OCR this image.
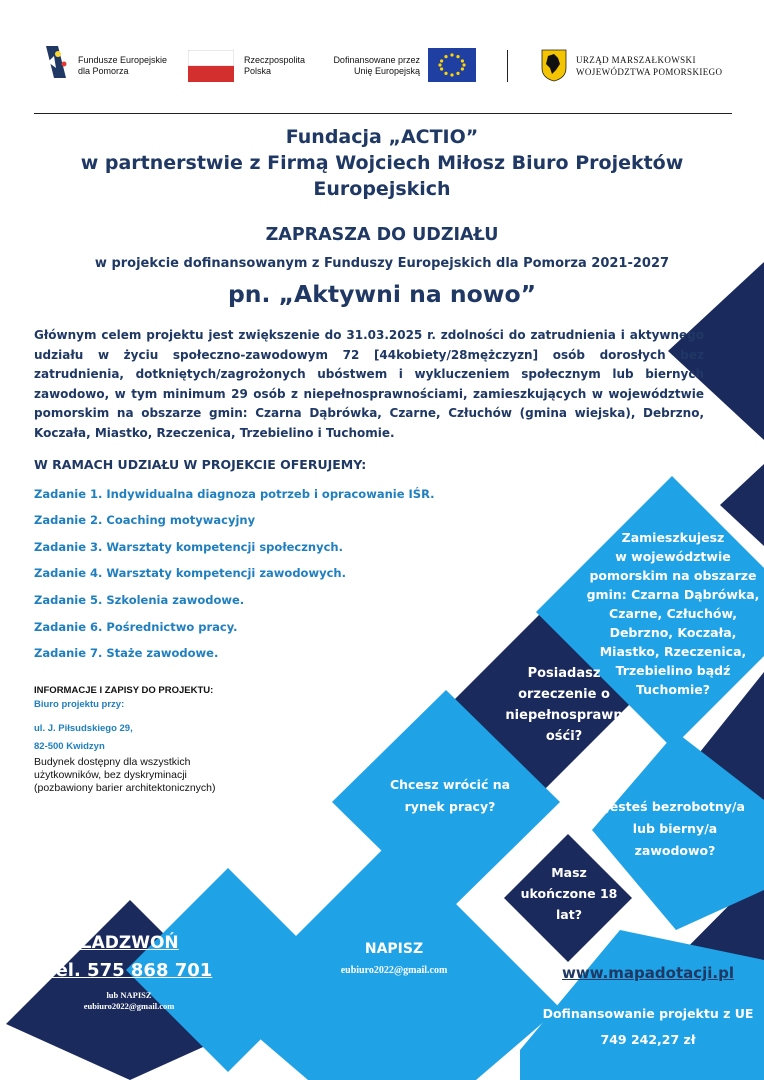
Fundusze Europejskie
dla Pomorza
Rzeczpospolita
Polska
Dofinansowane przez
Unię Europejską
URZĄD MARSZAŁKOWSKI
WOJEWÓDZTWA POMORSKIEGO
Fundacja „ACTIO”
w partnerstwie z Firmą Wojciech Miłosz Biuro Projektów
Europejskich
ZAPRASZA DO UDZIAŁU
w projekcie dofinansowanym z Funduszy Europejskich dla Pomorza 2021-2027
pn. „Aktywni na nowo”
Głównym celem projektu jest zwiększenie do 31.03.2025 r. zdolności do zatrudnienia i aktywnego udziału w życiu społeczno-zawodowym 72 [44kobiety/28mężczyzn] osób dorosłych bez zatrudnienia, dotkniętych/zagrożonych ubóstwem i wykluczeniem społecznym lub biernych zawodowo, w tym minimum 29 osób z niepełnosprawnościami, zamieszkujących w województwie pomorskim na obszarze gmin: Czarna Dąbrówka, Czarne, Człuchów (gmina wiejska), Debrzno, Koczała, Miastko, Rzeczenica, Trzebielino i Tuchomie.
W RAMACH UDZIAŁU W PROJEKCIE OFERUJEMY:
Zadanie 1. Indywidualna diagnoza potrzeb i opracowanie IŚR.
Zadanie 2. Coaching motywacyjny
Zadanie 3. Warsztaty kompetencji społecznych.
Zadanie 4. Warsztaty kompetencji zawodowych.
Zadanie 5. Szkolenia zawodowe.
Zadanie 6. Pośrednictwo pracy.
Zadanie 7. Staże zawodowe.
INFORMACJE I ZAPISY DO PROJEKTU:
Biuro projektu przy:
ul. J. Piłsudskiego 29,
82-500 Kwidzyn
Budynek dostępny dla wszystkich
użytkowników, bez dyskryminacji
(pozbawiony barier architektonicznych)
Zamieszkujesz
w województwie
pomorskim na obszarze
gmin: Czarna Dąbrówka,
Czarne, Człuchów,
Debrzno, Koczała,
Miastko, Rzeczenica,
Trzebielino bądź
Tuchomie?
Posiadasz
orzeczenie o
niepełnosprawn
ośći?
Chcesz wrócić na
rynek pracy?	Jesteś bezrobotny/a
lub bierny/a
zawodowo?
Masz
ukończone 18
lat?
ZADZWOŃ
Tel. 575 868 701
lub NAPISZ
eubiuro2022@gmail.com
NAPISZ
eubiuro2022@gmail.com	www.mapadotacji.pl
Dofinansowanie projektu z UE
749 242,27 zł
